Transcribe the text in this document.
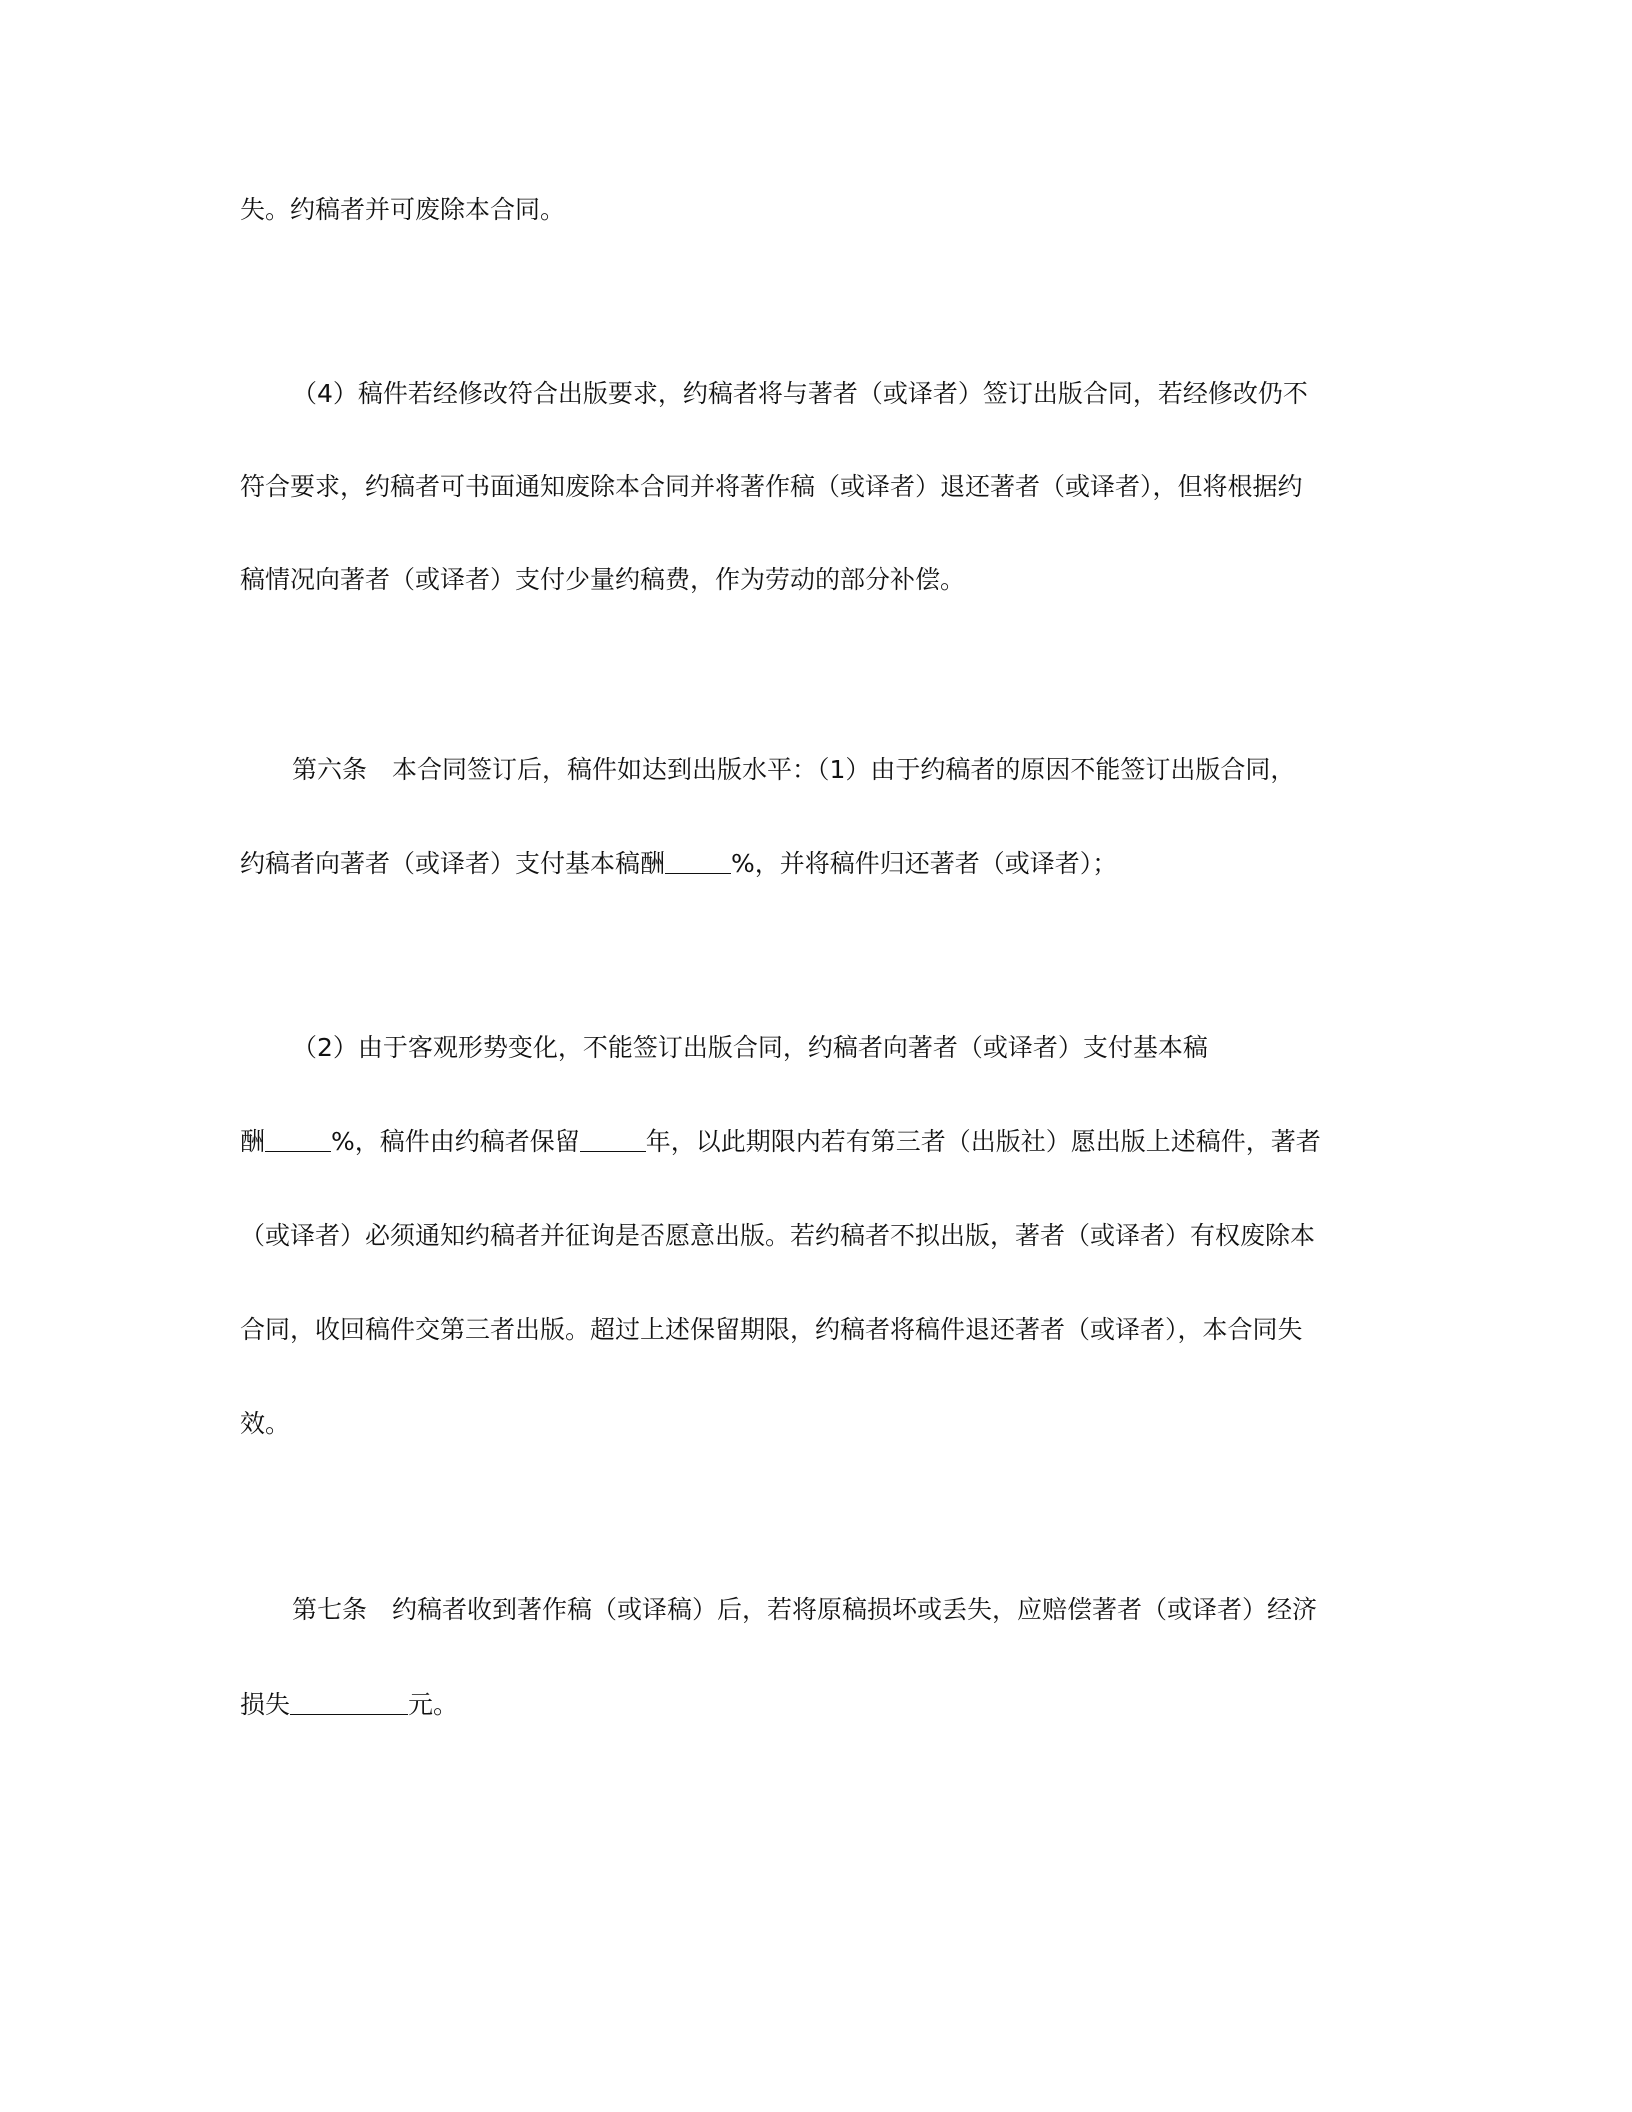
失。约稿者并可废除本合同。
（4）稿件若经修改符合出版要求，约稿者将与著者（或译者）签订出版合同，若经修改仍不
符合要求，约稿者可书面通知废除本合同并将著作稿（或译者）退还著者（或译者），但将根据约
稿情况向著者（或译者）支付少量约稿费，作为劳动的部分补偿。
第六条　本合同签订后，稿件如达到出版水平：（1）由于约稿者的原因不能签订出版合同，
约稿者向著者（或译者）支付基本稿酬	%，并将稿件归还著者（或译者）；
（2）由于客观形势变化，不能签订出版合同，约稿者向著者（或译者）支付基本稿
酬	%，稿件由约稿者保留	年，以此期限内若有第三者（出版社）愿出版上述稿件，著者
（或译者）必须通知约稿者并征询是否愿意出版。若约稿者不拟出版，著者（或译者）有权废除本
合同，收回稿件交第三者出版。超过上述保留期限，约稿者将稿件退还著者（或译者），本合同失
效。
第七条　约稿者收到著作稿（或译稿）后，若将原稿损坏或丢失，应赔偿著者（或译者）经济
损失	元。
